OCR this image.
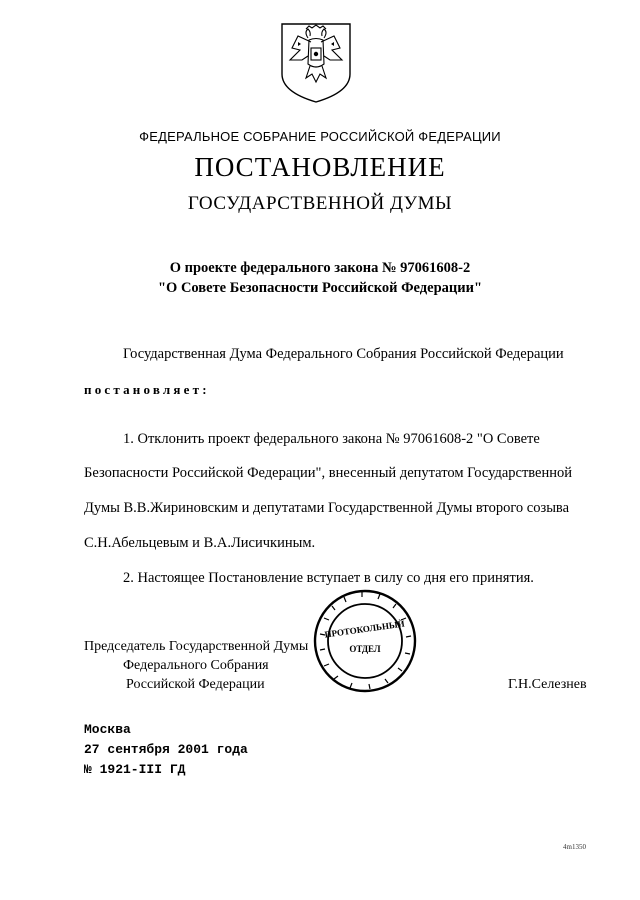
ФЕДЕРАЛЬНОЕ СОБРАНИЕ РОССИЙСКОЙ ФЕДЕРАЦИИ
ПОСТАНОВЛЕНИЕ
ГОСУДАРСТВЕННОЙ ДУМЫ
О проекте федерального закона № 97061608-2
"О Совете Безопасности Российской Федерации"
Государственная Дума Федерального Собрания Российской Федерации
постановляет:
1. Отклонить проект федерального закона № 97061608-2 "О Совете
Безопасности Российской Федерации", внесенный депутатом Государственной
Думы В.В.Жириновским и депутатами Государственной Думы второго созыва
С.Н.Абельцевым и В.А.Лисичкиным.
2. Настоящее Постановление вступает в силу со дня его принятия.
ПРОТОКОЛЬНЫЙ
ОТДЕЛ
Председатель Государственной Думы
Федерального Собрания
Российской Федерации	Г.Н.Селезнев
Москва
27 сентября 2001 года
№ 1921-III ГД
4m1350
